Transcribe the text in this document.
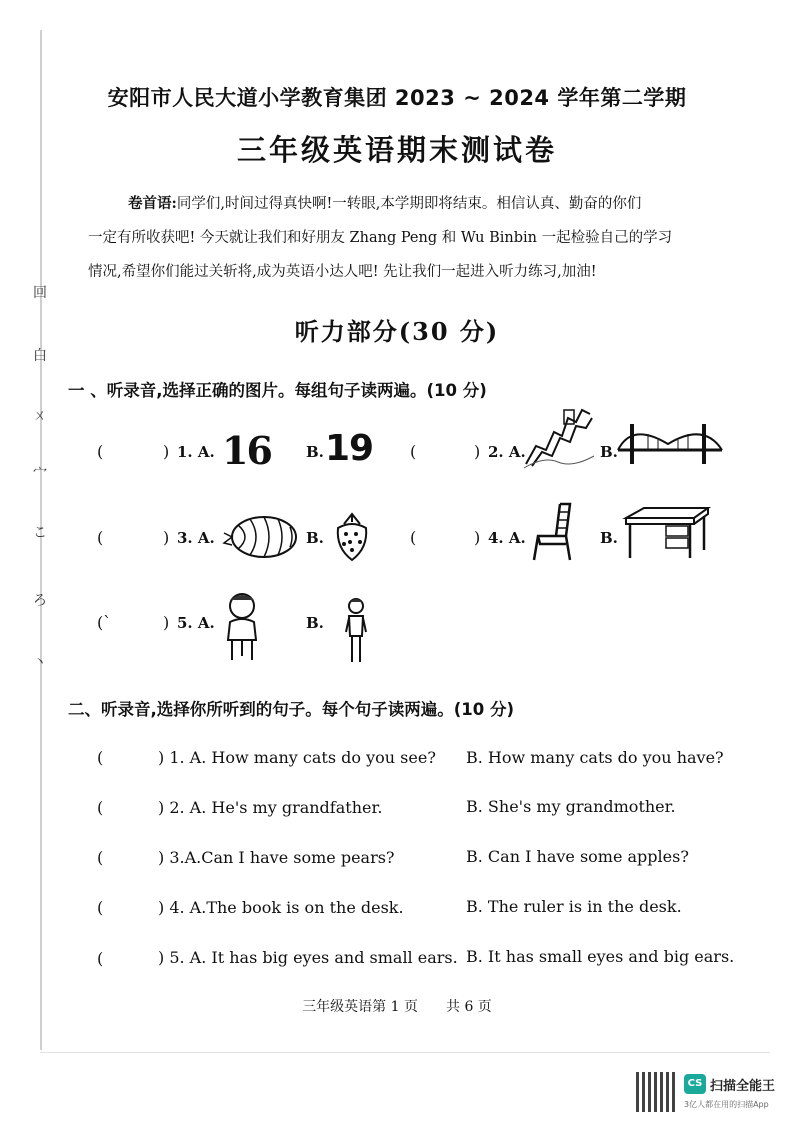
回
白
ㄨ
宀
こ
ろ
丶
安阳市人民大道小学教育集团 2023 ~ 2024 学年第二学期
三年级英语期末测试卷
卷首语:同学们,时间过得真快啊!一转眼,本学期即将结束。相信认真、勤奋的你们
一定有所收获吧! 今天就让我们和好朋友 Zhang Peng 和 Wu Binbin 一起检验自己的学习
情况,希望你们能过关斩将,成为英语小达人吧! 先让我们一起进入听力练习,加油!
听力部分(30 分)
一 、听录音,选择正确的图片。每组句子读两遍。(10 分)
(	) 1. A. 16 B. 19 (	) 2. A.	B.
(	) 3. A.	B.	(	) 4. A.	B.
(`	) 5. A.	B.
二、听录音,选择你所听到的句子。每个句子读两遍。(10 分)
(	) 1. A. How many cats do you see? B. How many cats do you have?
(	) 2. A. He's my grandfather.	B. She's my grandmother.
(	) 3.A.Can I have some pears?	B. Can I have some apples?
(	) 4. A.The book is on the desk.	B. The ruler is in the desk.
(	) 5. A. It has big eyes and small ears. B. It has small eyes and big ears.
三年级英语第 1 页　　共 6 页
CS 扫描全能王
3亿人都在用的扫描App
